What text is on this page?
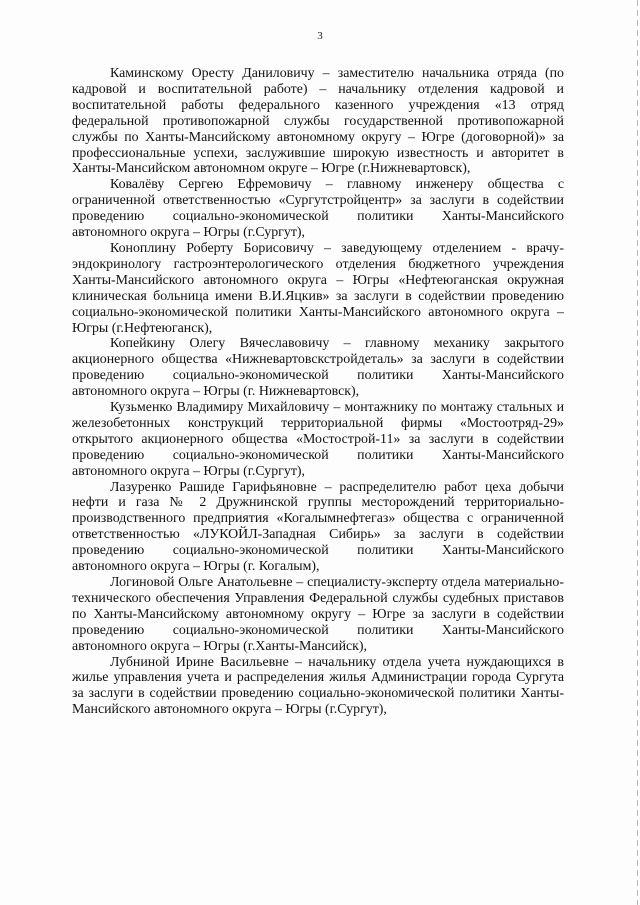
3

Каминскому Оресту Даниловичу – заместителю начальника отряда (по кадровой и воспитательной работе) – начальнику отделения кадровой и воспитательной работы федерального казенного учреждения «13 отряд федеральной противопожарной службы государственной противопожарной службы по Ханты-Мансийскому автономному округу – Югре (договорной)» за профессиональные успехи, заслужившие широкую известность и авторитет в Ханты-Мансийском автономном округе – Югре (г.Нижневартовск),

Ковалёву Сергею Ефремовичу – главному инженеру общества с ограниченной ответственностью «Сургутстройцентр» за заслуги в содействии проведению социально-экономической политики Ханты-Мансийского автономного округа – Югры (г.Сургут),

Коноплину Роберту Борисовичу – заведующему отделением - врачу-эндокринологу гастроэнтерологического отделения бюджетного учреждения Ханты-Мансийского автономного округа – Югры «Нефтеюганская окружная клиническая больница имени В.И.Яцкив» за заслуги в содействии проведению социально-экономической политики Ханты-Мансийского автономного округа – Югры (г.Нефтеюганск),

Копейкину Олегу Вячеславовичу – главному механику закрытого акционерного общества «Нижневартовскстройдеталь» за заслуги в содействии проведению социально-экономической политики Ханты-Мансийского автономного округа – Югры (г. Нижневартовск),

Кузьменко Владимиру Михайловичу – монтажнику по монтажу стальных и железобетонных конструкций территориальной фирмы «Мостоотряд-29» открытого акционерного общества «Мостострой-11» за заслуги в содействии проведению социально-экономической политики Ханты-Мансийского автономного округа – Югры (г.Сургут),

Лазуренко Рашиде Гарифьяновне – распределителю работ цеха добычи нефти и газа № 2 Дружнинской группы месторождений территориально-производственного предприятия «Когалымнефтегаз» общества с ограниченной ответственностью «ЛУКОЙЛ-Западная Сибирь» за заслуги в содействии проведению социально-экономической политики Ханты-Мансийского автономного округа – Югры (г. Когалым),

Логиновой Ольге Анатольевне – специалисту-эксперту отдела материально-технического обеспечения Управления Федеральной службы судебных приставов по Ханты-Мансийскому автономному округу – Югре за заслуги в содействии проведению социально-экономической политики Ханты-Мансийского автономного округа – Югры (г.Ханты-Мансийск),

Лубниной Ирине Васильевне – начальнику отдела учета нуждающихся в жилье управления учета и распределения жилья Администрации города Сургута за заслуги в содействии проведению социально-экономической политики Ханты-Мансийского автономного округа – Югры (г.Сургут),
